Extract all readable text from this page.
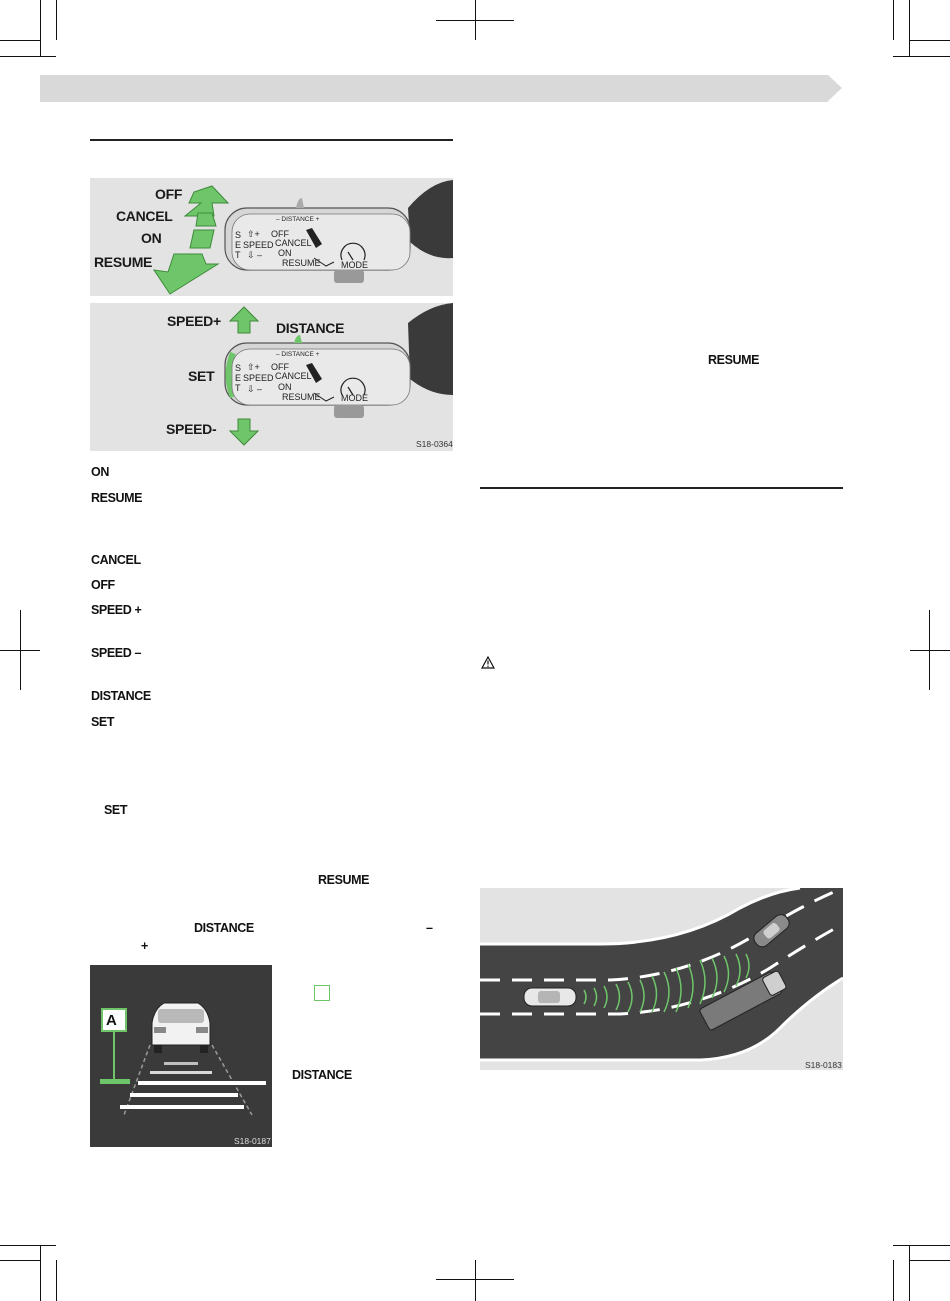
OFF
CANCEL
ON
RESUME
– DISTANCE +
S
E
T
⇧+
SPEED
⇩ –
OFF
CANCEL
ON
RESUME MODE
SPEED+	DISTANCE
SET
SPEED-
– DISTANCE +
S
E
T
⇧+
SPEED
⇩ –
OFF
CANCEL
ON
RESUME MODE
S18-0364
ON
RESUME
CANCEL
OFF
SPEED +
SPEED –
DISTANCE
SET
SET
RESUME
DISTANCE	–
+
A
S18-0187
DISTANCE
RESUME
S18-0183
